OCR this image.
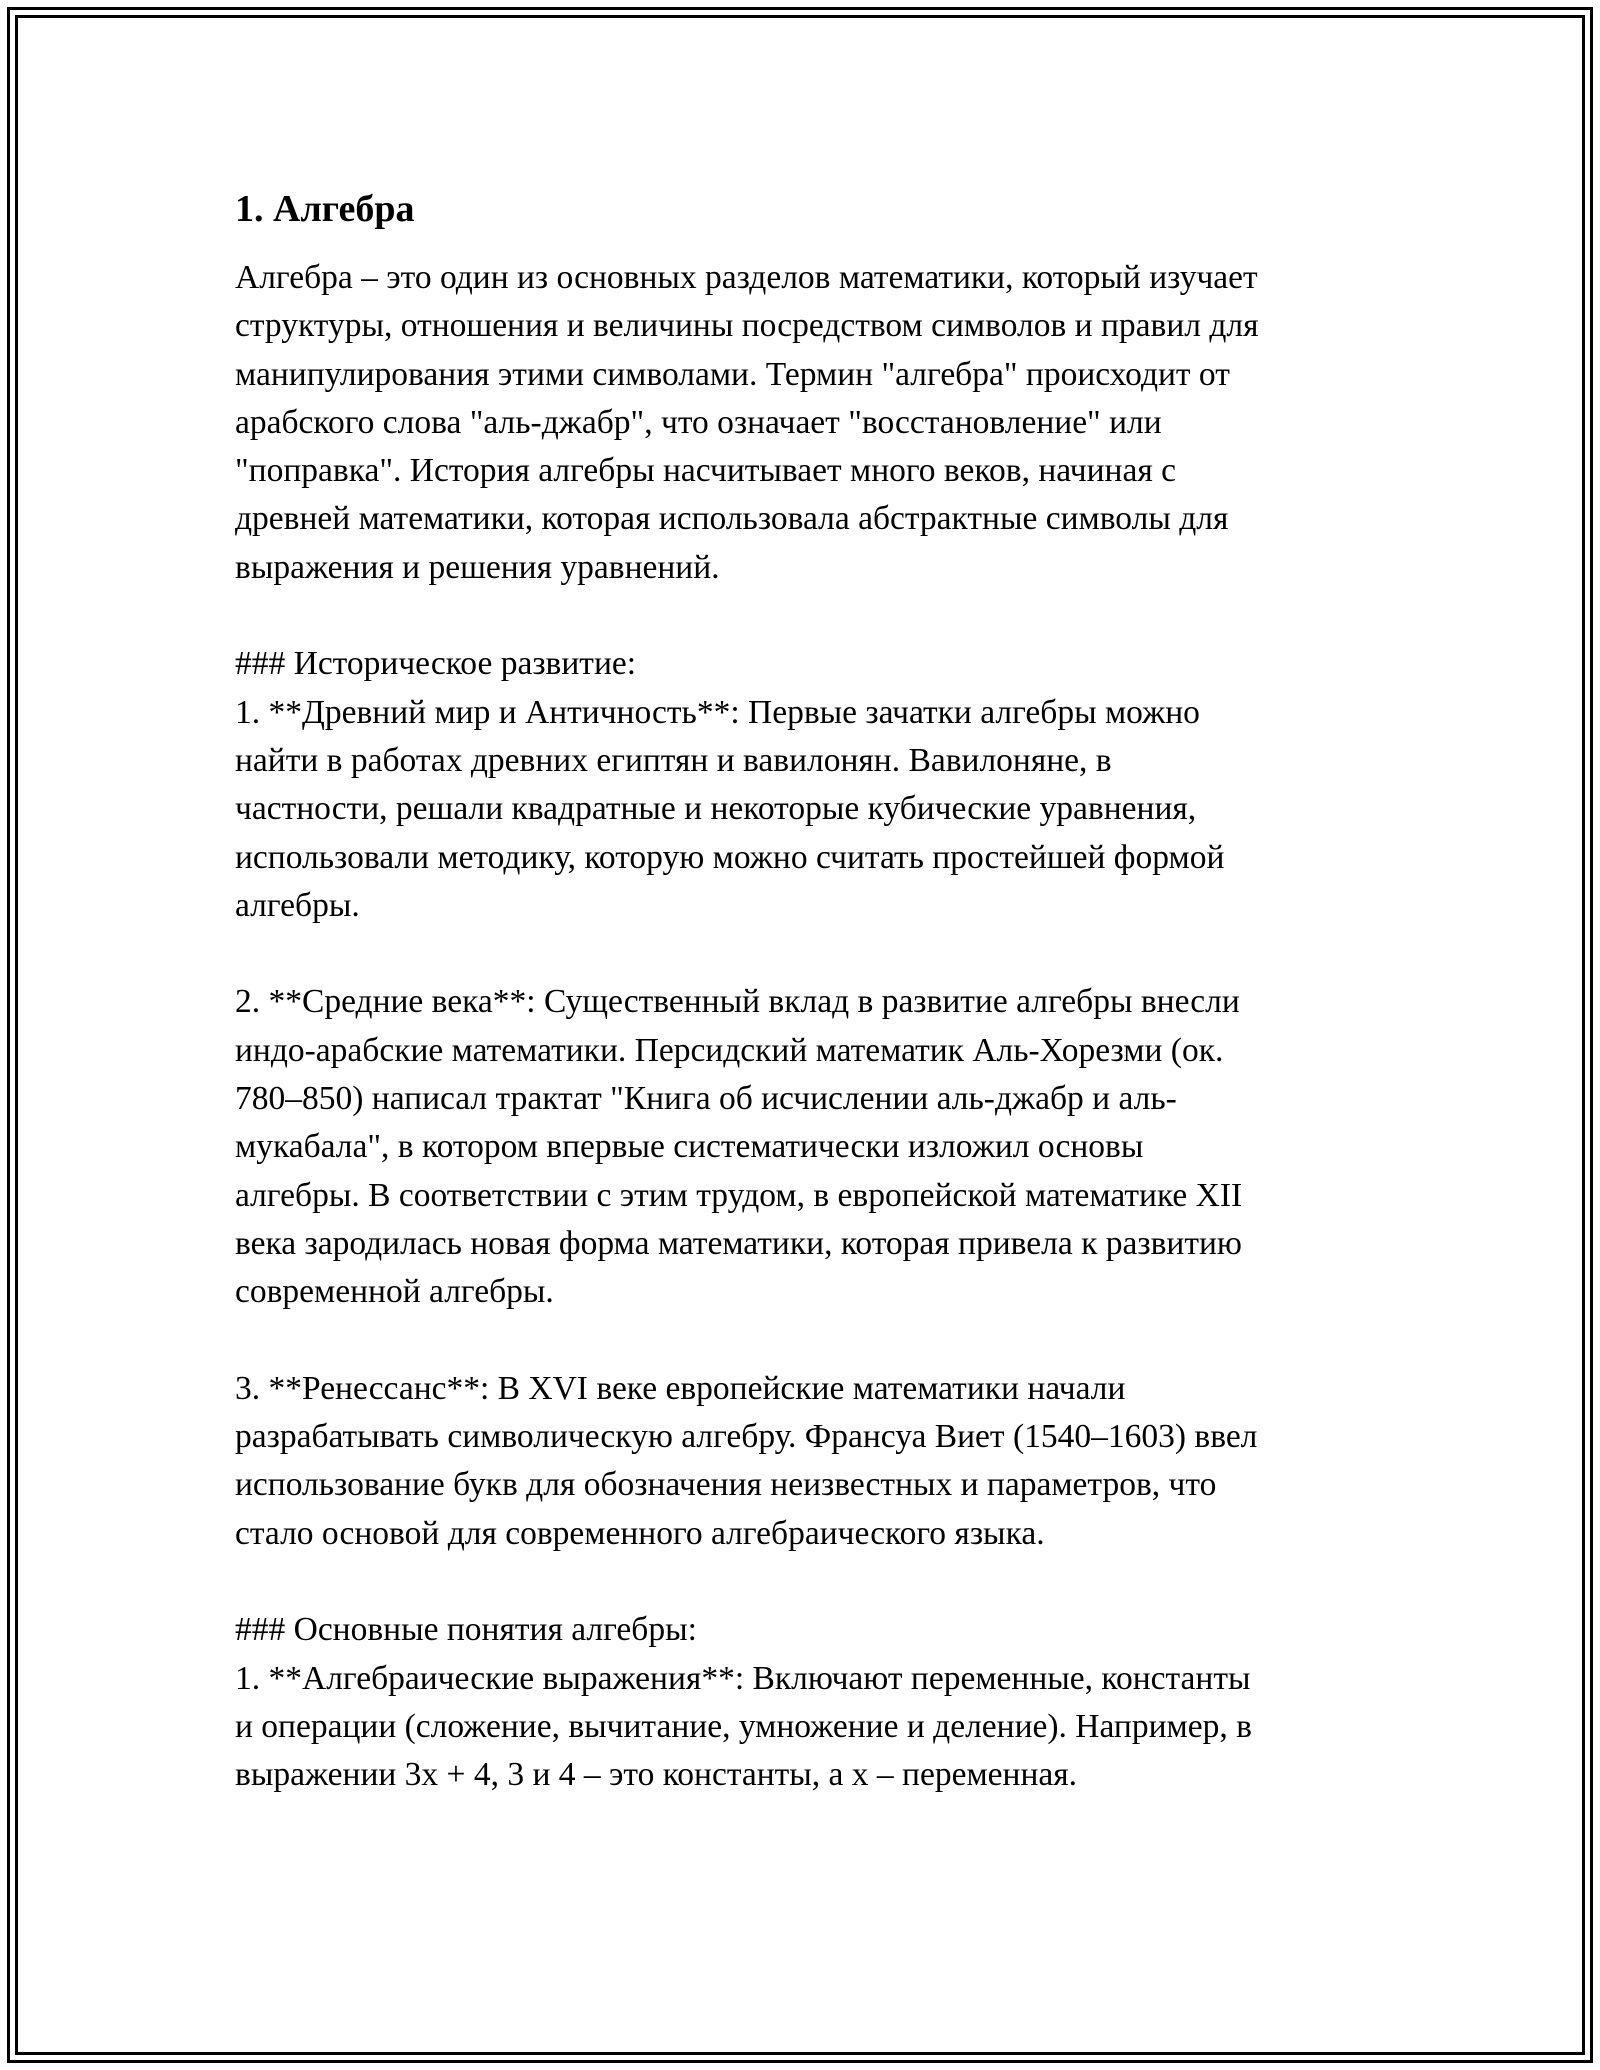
1. Алгебра
Алгебра – это один из основных разделов математики, который изучает
структуры, отношения и величины посредством символов и правил для
манипулирования этими символами. Термин "алгебра" происходит от
арабского слова "аль-джабр", что означает "восстановление" или
"поправка". История алгебры насчитывает много веков, начиная с
древней математики, которая использовала абстрактные символы для
выражения и решения уравнений.
### Историческое развитие:
1. **Древний мир и Античность**: Первые зачатки алгебры можно
найти в работах древних египтян и вавилонян. Вавилоняне, в
частности, решали квадратные и некоторые кубические уравнения,
использовали методику, которую можно считать простейшей формой
алгебры.
2. **Средние века**: Существенный вклад в развитие алгебры внесли
индо-арабские математики. Персидский математик Аль-Хорезми (ок.
780–850) написал трактат "Книга об исчислении аль-джабр и аль-
мукабала", в котором впервые систематически изложил основы
алгебры. В соответствии с этим трудом, в европейской математике XII
века зародилась новая форма математики, которая привела к развитию
современной алгебры.
3. **Ренессанс**: В XVI веке европейские математики начали
разрабатывать символическую алгебру. Франсуа Виет (1540–1603) ввел
использование букв для обозначения неизвестных и параметров, что
стало основой для современного алгебраического языка.
### Основные понятия алгебры:
1. **Алгебраические выражения**: Включают переменные, константы
и операции (сложение, вычитание, умножение и деление). Например, в
выражении 3x + 4, 3 и 4 – это константы, а x – переменная.
